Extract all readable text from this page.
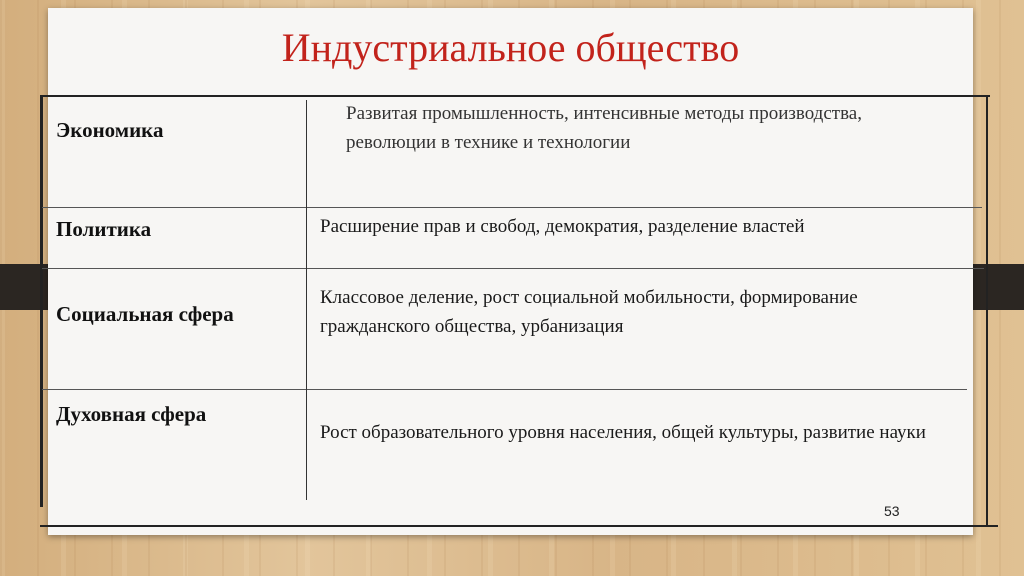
Индустриальное общество
Экономика
Развитая промышленность, интенсивные методы производства, революции в технике и технологии
Политика	Расширение прав и свобод, демократия, разделение властей
Социальная сфера
Классовое деление, рост социальной мобильности, формирование гражданского общества, урбанизация
Духовная сфера
Рост образовательного уровня населения, общей культуры, развитие науки
53
